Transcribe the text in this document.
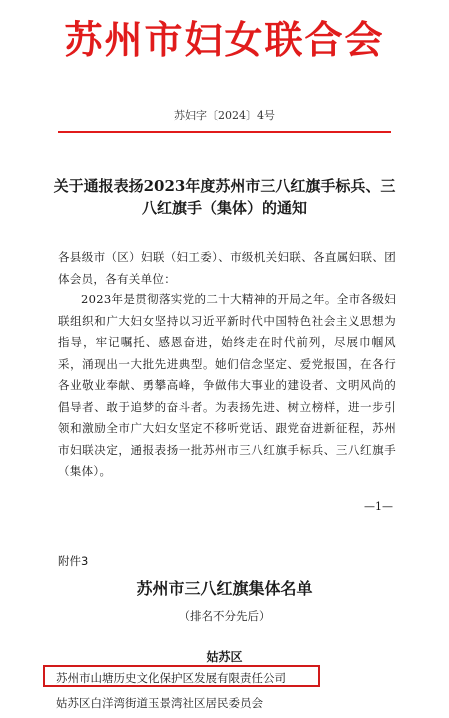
苏州市妇女联合会
苏妇字〔2024〕4号
关于通报表扬2023年度苏州市三八红旗手标兵、三八红旗手（集体）的通知
各县级市（区）妇联（妇工委）、市级机关妇联、各直属妇联、团体会员，各有关单位：
2023年是贯彻落实党的二十大精神的开局之年。全市各级妇联组织和广大妇女坚持以习近平新时代中国特色社会主义思想为指导，牢记嘱托、感恩奋进，始终走在时代前列，尽展巾帼风采，涌现出一大批先进典型。她们信念坚定、爱党报国，在各行各业敬业奉献、勇攀高峰，争做伟大事业的建设者、文明风尚的倡导者、敢于追梦的奋斗者。为表扬先进、树立榜样，进一步引领和激励全市广大妇女坚定不移听党话、跟党奋进新征程，苏州市妇联决定，通报表扬一批苏州市三八红旗手标兵、三八红旗手（集体）。
—1—
附件3
苏州市三八红旗集体名单
（排名不分先后）
姑苏区
苏州市山塘历史文化保护区发展有限责任公司
姑苏区白洋湾街道玉景湾社区居民委员会
